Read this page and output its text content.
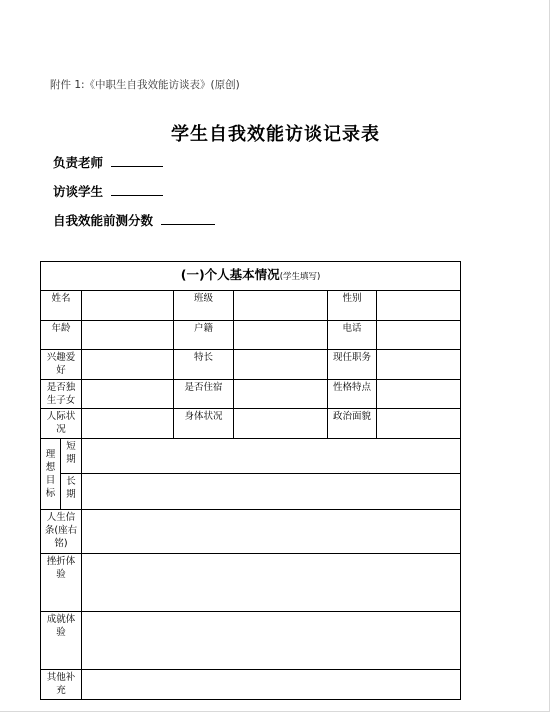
附件 1:《中职生自我效能访谈表》(原创)
学生自我效能访谈记录表
负责老师
访谈学生
自我效能前测分数
(一)个人基本情况(学生填写)						
姓名			班级		性别	
年龄			户籍		电话	
兴趣爱好			特长		现任职务	
是否独生子女			是否住宿		性格特点	
人际状况			身体状况		政治面貌	
理想目标	短期					
	长期					
人生信条(座右铭)						
挫折体验						
成就体验						
其他补充						
